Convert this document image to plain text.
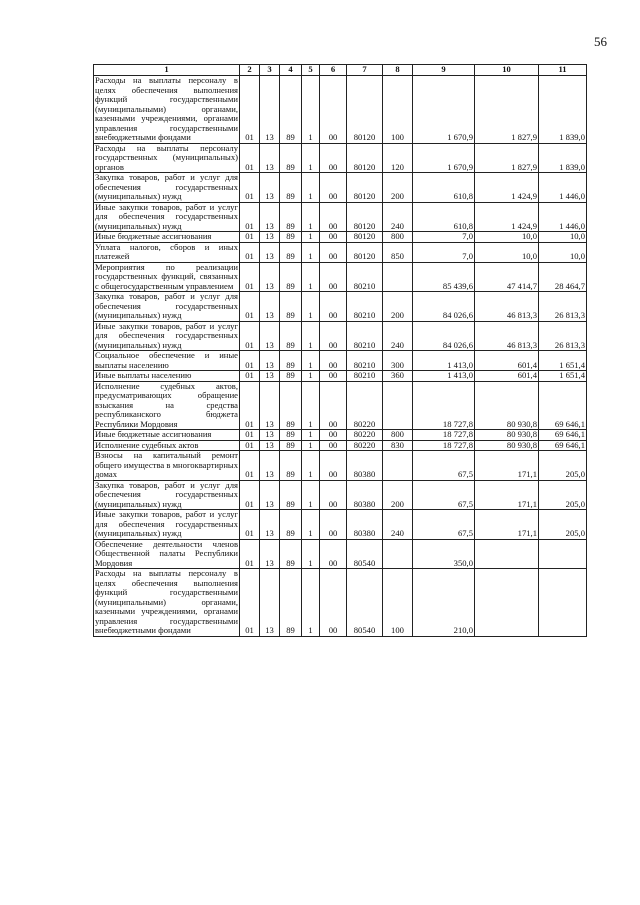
56
1	2	3	4	5	6	7	8	9	10	11
Расходы на выплаты персоналу в целях обеспечения выполнения функций государственными (муниципальными) органами, казенными учреждениями, органами управления государственными внебюджетными фондами	01	13	89	1	00	80120	100	1 670,9	1 827,9	1 839,0
Расходы на выплаты персоналу государственных (муниципальных) органов	01	13	89	1	00	80120	120	1 670,9	1 827,9	1 839,0
Закупка товаров, работ и услуг для обеспечения государственных (муниципальных) нужд	01	13	89	1	00	80120	200	610,8	1 424,9	1 446,0
Иные закупки товаров, работ и услуг для обеспечения государственных (муниципальных) нужд	01	13	89	1	00	80120	240	610,8	1 424,9	1 446,0
Иные бюджетные ассигнования	01	13	89	1	00	80120	800	7,0	10,0	10,0
Уплата налогов, сборов и иных платежей	01	13	89	1	00	80120	850	7,0	10,0	10,0
Мероприятия по реализации государственных функций, связанных с общегосударственным управлением	01	13	89	1	00	80210		85 439,6	47 414,7	28 464,7
Закупка товаров, работ и услуг для обеспечения государственных (муниципальных) нужд	01	13	89	1	00	80210	200	84 026,6	46 813,3	26 813,3
Иные закупки товаров, работ и услуг для обеспечения государственных (муниципальных) нужд	01	13	89	1	00	80210	240	84 026,6	46 813,3	26 813,3
Социальное обеспечение и иные выплаты населению	01	13	89	1	00	80210	300	1 413,0	601,4	1 651,4
Иные выплаты населению	01	13	89	1	00	80210	360	1 413,0	601,4	1 651,4
Исполнение судебных актов, предусматривающих обращение взыскания на средства республиканского бюджета Республики Мордовия	01	13	89	1	00	80220		18 727,8	80 930,8	69 646,1
Иные бюджетные ассигнования	01	13	89	1	00	80220	800	18 727,8	80 930,8	69 646,1
Исполнение судебных актов	01	13	89	1	00	80220	830	18 727,8	80 930,8	69 646,1
Взносы на капитальный ремонт общего имущества в многоквартирных домах	01	13	89	1	00	80380		67,5	171,1	205,0
Закупка товаров, работ и услуг для обеспечения государственных (муниципальных) нужд	01	13	89	1	00	80380	200	67,5	171,1	205,0
Иные закупки товаров, работ и услуг для обеспечения государственных (муниципальных) нужд	01	13	89	1	00	80380	240	67,5	171,1	205,0
Обеспечение деятельности членов Общественной палаты Республики Мордовия	01	13	89	1	00	80540		350,0		
Расходы на выплаты персоналу в целях обеспечения выполнения функций государственными (муниципальными) органами, казенными учреждениями, органами управления государственными внебюджетными фондами	01	13	89	1	00	80540	100	210,0		
